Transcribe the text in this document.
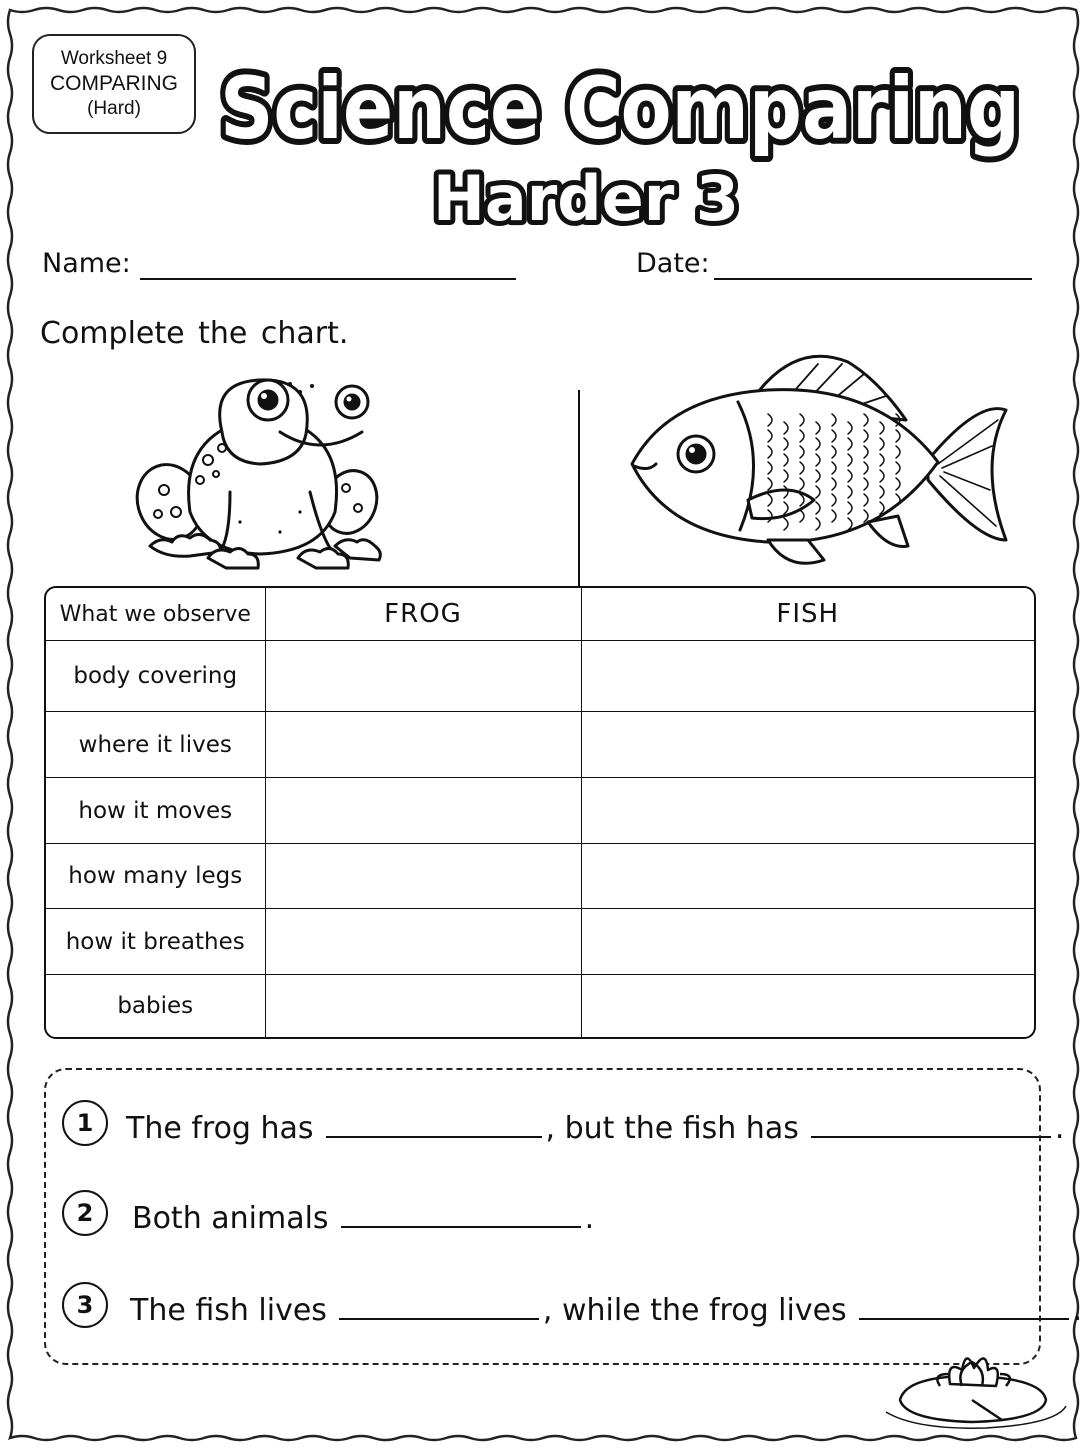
Worksheet 9
COMPARING
(Hard) Science Comparing
Harder 3
Name:	Date:
Complete the chart.
What we observe	FROG	FISH
body covering		
where it lives		
how it moves		
how many legs		
how it breathes		
babies		
1	The frog has	, but the fish has	.
2	Both animals	.
3	The fish lives	, while the frog lives	.
